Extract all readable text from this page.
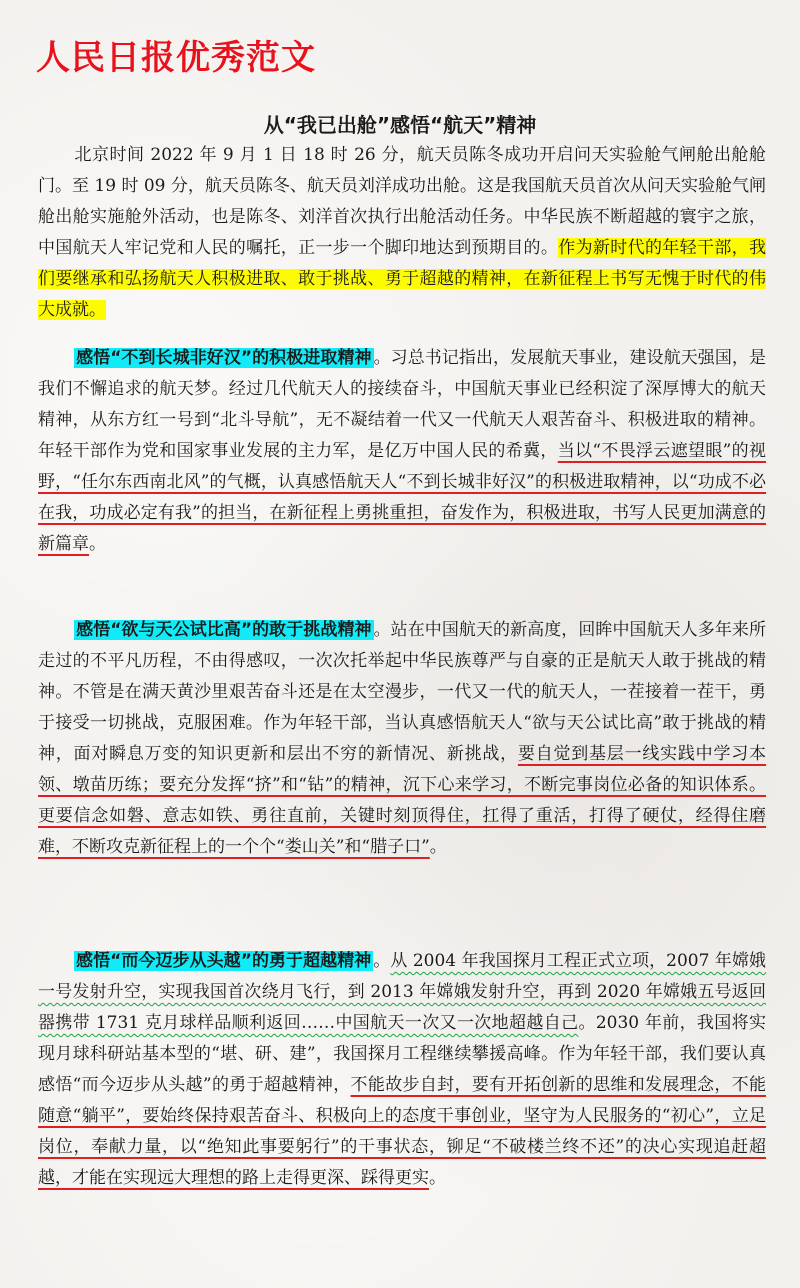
人民日报优秀范文
从“我已出舱”感悟“航天”精神
北京时间 2022 年 9 月 1 日 18 时 26 分，航天员陈冬成功开启问天实验舱气闸舱出舱舱门。至 19 时 09 分，航天员陈冬、航天员刘洋成功出舱。这是我国航天员首次从问天实验舱气闸舱出舱实施舱外活动，也是陈冬、刘洋首次执行出舱活动任务。中华民族不断超越的寰宇之旅，中国航天人牢记党和人民的嘱托，正一步一个脚印地达到预期目的。作为新时代的年轻干部，我们要继承和弘扬航天人积极进取、敢于挑战、勇于超越的精神，在新征程上书写无愧于时代的伟大成就。
感悟“不到长城非好汉”的积极进取精神 。习总书记指出，发展航天事业，建设航天强国，是我们不懈追求的航天梦。经过几代航天人的接续奋斗，中国航天事业已经积淀了深厚博大的航天精神，从东方红一号到“北斗导航”，无不凝结着一代又一代航天人艰苦奋斗、积极进取的精神。年轻干部作为党和国家事业发展的主力军，是亿万中国人民的希冀，当以“不畏浮云遮望眼”的视野，“任尔东西南北风”的气概，认真感悟航天人“不到长城非好汉”的积极进取精神，以“功成不必在我，功成必定有我”的担当，在新征程上勇挑重担，奋发作为，积极进取，书写人民更加满意的新篇章。
感悟“欲与天公试比高”的敢于挑战精神 。站在中国航天的新高度，回眸中国航天人多年来所走过的不平凡历程，不由得感叹，一次次托举起中华民族尊严与自豪的正是航天人敢于挑战的精神。不管是在满天黄沙里艰苦奋斗还是在太空漫步，一代又一代的航天人，一茬接着一茬干，勇于接受一切挑战，克服困难。作为年轻干部，当认真感悟航天人“欲与天公试比高”敢于挑战的精神，面对瞬息万变的知识更新和层出不穷的新情况、新挑战，要自觉到基层一线实践中学习本领、墩苗历练；要充分发挥“挤”和“钻”的精神，沉下心来学习，不断完事岗位必备的知识体系。更要信念如磐、意志如铁、勇往直前，关键时刻顶得住，扛得了重活，打得了硬仗，经得住磨难，不断攻克新征程上的一个个“娄山关”和“腊子口”。
感悟“而今迈步从头越”的勇于超越精神 。从 2004 年我国探月工程正式立项，2007 年嫦娥一号发射升空，实现我国首次绕月飞行，到 2013 年嫦娥发射升空，再到 2020 年嫦娥五号返回器携带 1731 克月球样品顺利返回……中国航天一次又一次地超越自己。2030 年前，我国将实现月球科研站基本型的“堪、研、建”，我国探月工程继续攀援高峰。作为年轻干部，我们要认真感悟“而今迈步从头越”的勇于超越精神，不能故步自封，要有开拓创新的思维和发展理念，不能随意“躺平”，要始终保持艰苦奋斗、积极向上的态度干事创业，坚守为人民服务的“初心”，立足岗位，奉献力量，以“绝知此事要躬行”的干事状态，铆足“不破楼兰终不还”的决心实现追赶超越，才能在实现远大理想的路上走得更深、踩得更实。
